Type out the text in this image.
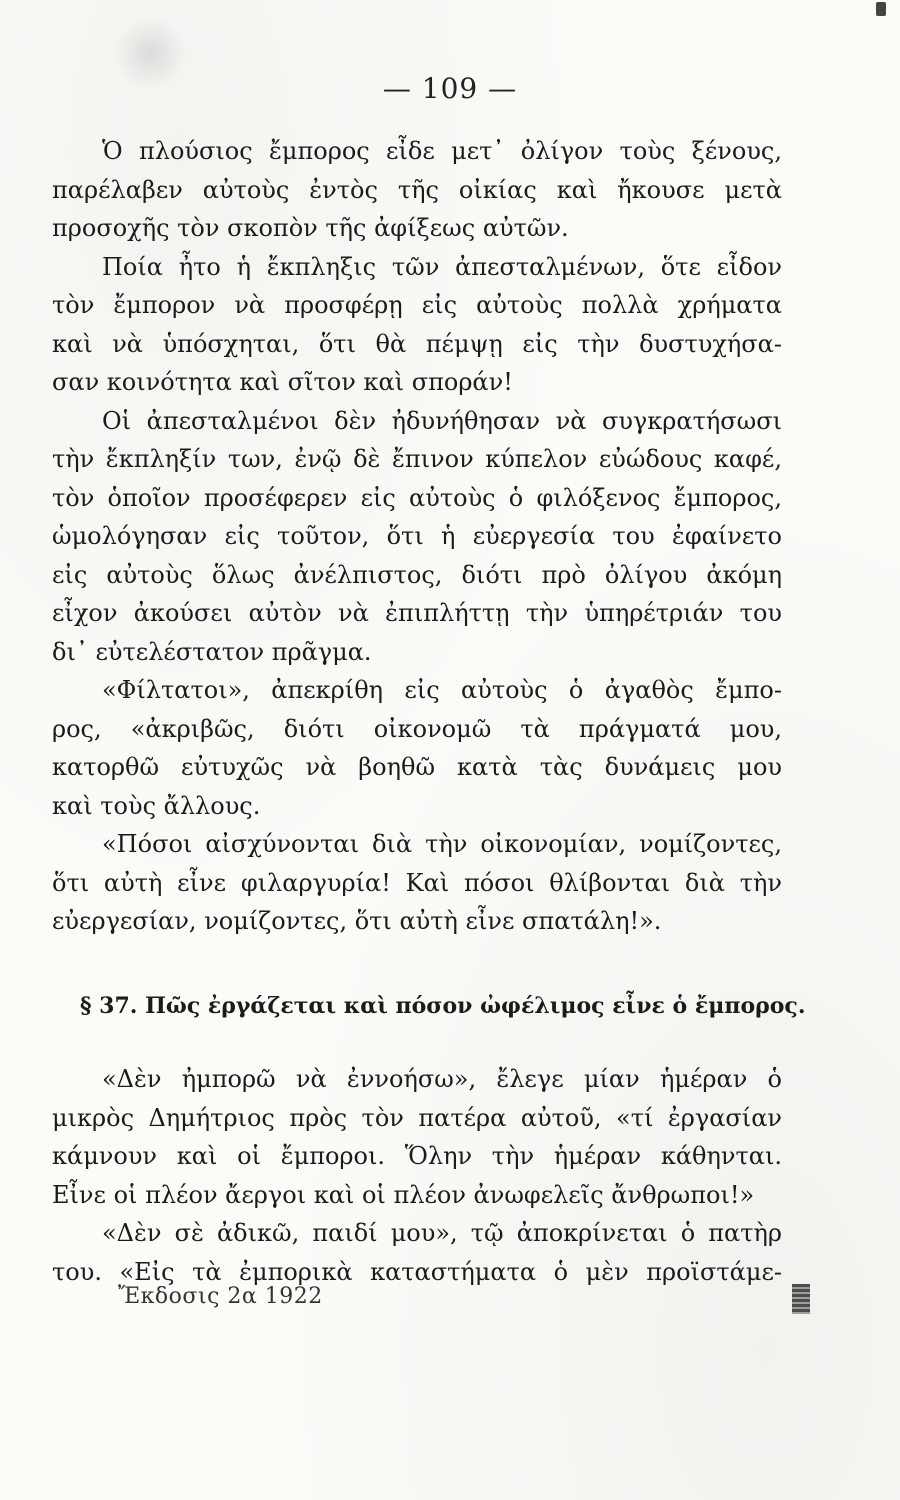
— 109 —
Ὁ πλούσιος ἔμπορος εἶδε μετ᾽ ὀλίγον τοὺς ξένους,
παρέλαβεν αὐτοὺς ἐντὸς τῆς οἰκίας καὶ ἤκουσε μετὰ
προσοχῆς τὸν σκοπὸν τῆς ἀφίξεως αὐτῶν.
Ποία ἦτο ἡ ἔκπληξις τῶν ἀπεσταλμένων, ὅτε εἶδον
τὸν ἔμπορον νὰ προσφέρῃ εἰς αὐτοὺς πολλὰ χρήματα
καὶ νὰ ὑπόσχηται, ὅτι θὰ πέμψῃ εἰς τὴν δυστυχήσα-
σαν κοινότητα καὶ σῖτον καὶ σποράν!
Οἱ ἀπεσταλμένοι δὲν ἠδυνήθησαν νὰ συγκρατήσωσι
τὴν ἔκπληξίν των, ἐνῷ δὲ ἔπινον κύπελον εὐώδους καφέ,
τὸν ὁποῖον προσέφερεν εἰς αὐτοὺς ὁ φιλόξενος ἔμπορος,
ὡμολόγησαν εἰς τοῦτον, ὅτι ἡ εὐεργεσία του ἐφαίνετο
εἰς αὐτοὺς ὅλως ἀνέλπιστος, διότι πρὸ ὀλίγου ἀκόμη
εἶχον ἀκούσει αὐτὸν νὰ ἐπιπλήττῃ τὴν ὑπηρέτριάν του
δι᾽ εὐτελέστατον πρᾶγμα.
«Φίλτατοι», ἀπεκρίθη εἰς αὐτοὺς ὁ ἀγαθὸς ἔμπο-
ρος, «ἀκριβῶς, διότι οἰκονομῶ τὰ πράγματά μου,
κατορθῶ εὐτυχῶς νὰ βοηθῶ κατὰ τὰς δυνάμεις μου
καὶ τοὺς ἄλλους.
«Πόσοι αἰσχύνονται διὰ τὴν οἰκονομίαν, νομίζοντες,
ὅτι αὐτὴ εἶνε φιλαργυρία! Καὶ πόσοι θλίβονται διὰ τὴν
εὐεργεσίαν, νομίζοντες, ὅτι αὐτὴ εἶνε σπατάλη!».
§ 37. Πῶς ἐργάζεται καὶ πόσον ὠφέλιμος εἶνε ὁ ἔμπορος.
«Δὲν ἠμπορῶ νὰ ἐννοήσω», ἔλεγε μίαν ἡμέραν ὁ
μικρὸς Δημήτριος πρὸς τὸν πατέρα αὐτοῦ, «τί ἐργασίαν
κάμνουν καὶ οἱ ἔμποροι. Ὅλην τὴν ἡμέραν κάθηνται.
Εἶνε οἱ πλέον ἄεργοι καὶ οἱ πλέον ἀνωφελεῖς ἄνθρωποι!»
«Δὲν σὲ ἀδικῶ, παιδί μου», τῷ ἀποκρίνεται ὁ πατὴρ
του. «Εἰς τὰ ἐμπορικὰ καταστήματα ὁ μὲν προϊστάμε-
Ἔκδοσις 2α 1922
